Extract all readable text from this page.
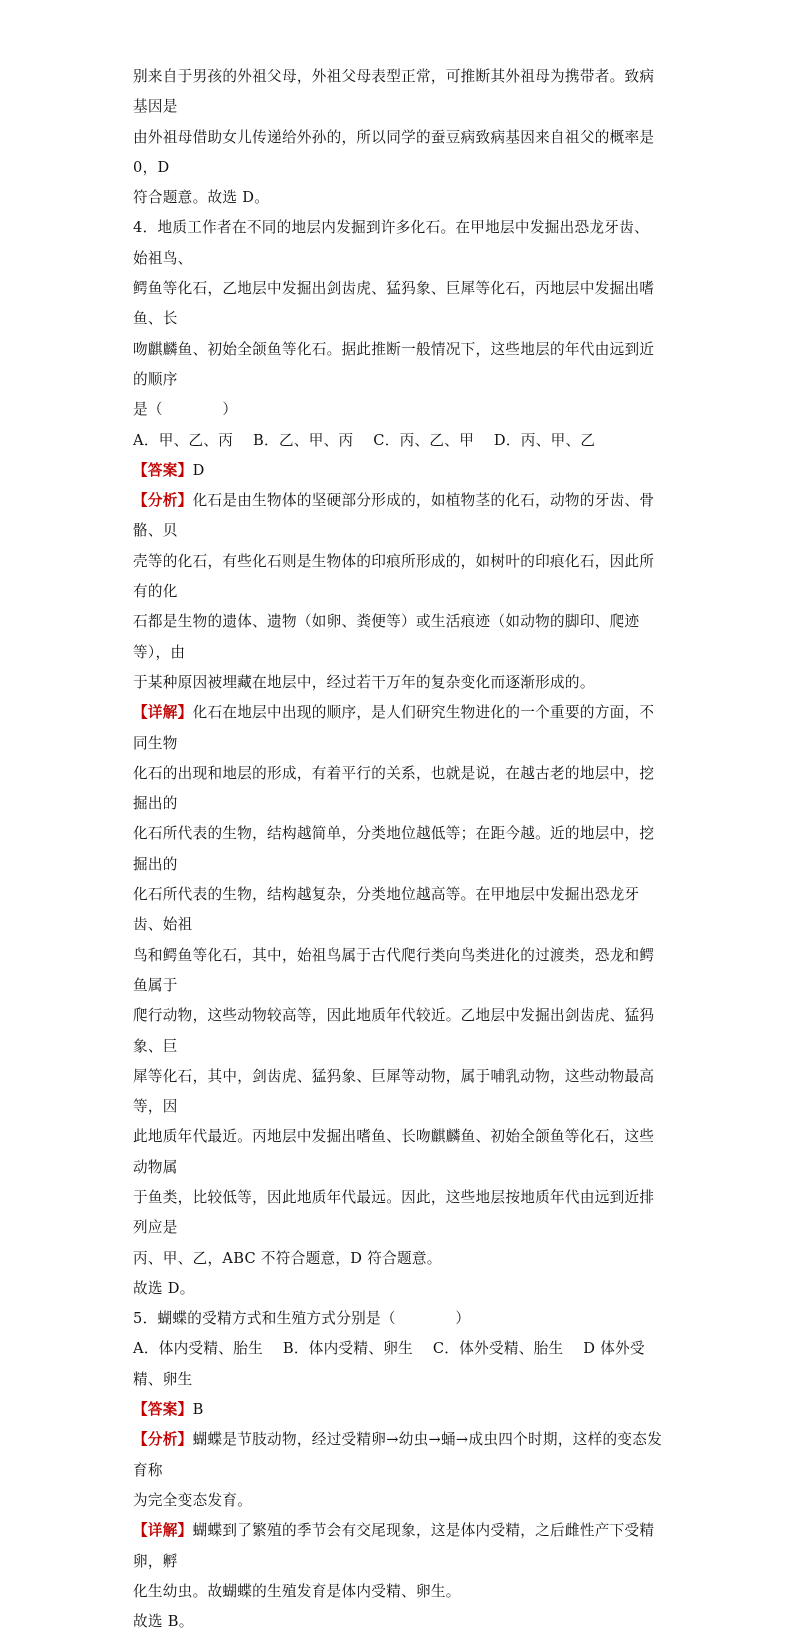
别来自于男孩的外祖父母，外祖父母表型正常，可推断其外祖母为携带者。致病基因是

由外祖母借助女儿传递给外孙的，所以同学的蚕豆病致病基因来自祖父的概率是 0，D

符合题意。故选 D。

4．地质工作者在不同的地层内发掘到许多化石。在甲地层中发掘出恐龙牙齿、始祖鸟、

鳄鱼等化石，乙地层中发掘出剑齿虎、猛犸象、巨犀等化石，丙地层中发掘出嗜鱼、长

吻麒麟鱼、初始全颌鱼等化石。据此推断一般情况下，这些地层的年代由远到近的顺序

是（　　　　）

A．甲、乙、丙　 B．乙、甲、丙　 C．丙、乙、甲　 D．丙、甲、乙

【答案】D

【分析】化石是由生物体的坚硬部分形成的，如植物茎的化石，动物的牙齿、骨骼、贝

壳等的化石，有些化石则是生物体的印痕所形成的，如树叶的印痕化石，因此所有的化

石都是生物的遗体、遗物（如卵、粪便等）或生活痕迹（如动物的脚印、爬迹等），由

于某种原因被埋藏在地层中，经过若干万年的复杂变化而逐渐形成的。

【详解】化石在地层中出现的顺序，是人们研究生物进化的一个重要的方面，不同生物

化石的出现和地层的形成，有着平行的关系，也就是说，在越古老的地层中，挖掘出的

化石所代表的生物，结构越简单，分类地位越低等；在距今越。近的地层中，挖掘出的

化石所代表的生物，结构越复杂，分类地位越高等。在甲地层中发掘出恐龙牙齿、始祖

鸟和鳄鱼等化石，其中，始祖鸟属于古代爬行类向鸟类进化的过渡类，恐龙和鳄鱼属于

爬行动物，这些动物较高等，因此地质年代较近。乙地层中发掘出剑齿虎、猛犸象、巨

犀等化石，其中，剑齿虎、猛犸象、巨犀等动物，属于哺乳动物，这些动物最高等，因

此地质年代最近。丙地层中发掘出嗜鱼、长吻麒麟鱼、初始全颌鱼等化石，这些动物属

于鱼类，比较低等，因此地质年代最远。因此，这些地层按地质年代由远到近排列应是

丙、甲、乙，ABC 不符合题意，D 符合题意。

故选 D。

5．蝴蝶的受精方式和生殖方式分别是（　　　　）

A．体内受精、胎生　 B．体内受精、卵生　 C．体外受精、胎生　 D 体外受精、卵生

【答案】B

【分析】蝴蝶是节肢动物，经过受精卵→幼虫→蛹→成虫四个时期，这样的变态发育称

为完全变态发育。

【详解】蝴蝶到了繁殖的季节会有交尾现象，这是体内受精，之后雌性产下受精卵，孵

化生幼虫。故蝴蝶的生殖发育是体内受精、卵生。

故选 B。
